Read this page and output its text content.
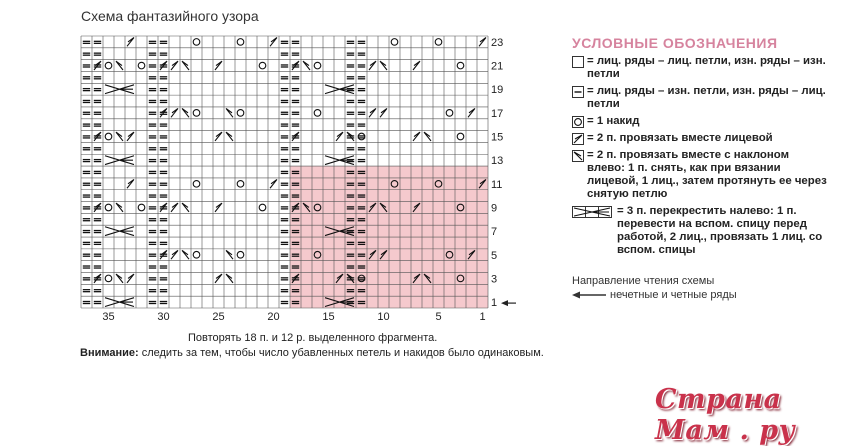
Схема фантазийного узора
23
21
19
17
15
13
11
9
7
5
3
1
35	30	25	20	15	10	5	1
Повторять 18 п. и 12 р. выделенного фрагмента.
Внимание: следить за тем, чтобы число убавленных петель и накидов было одинаковым.
УСЛОВНЫЕ ОБОЗНАЧЕНИЯ
= лиц. ряды – лиц. петли, изн. ряды – изн. петли
= лиц. ряды – изн. петли, изн. ряды – лиц. петли
= 1 накид
= 2 п. провязать вместе лицевой
= 2 п. провязать вместе с наклоном влево: 1 п. снять, как при вязании лицевой, 1 лиц., затем протянуть ее через снятую петлю
= 3 п. перекрестить налево: 1 п. перевести на вспом. спицу перед работой, 2 лиц., провязать 1 лиц. со вспом. спицы
Направление чтения схемы
нечетные и четные ряды
Страна Мам . ру
